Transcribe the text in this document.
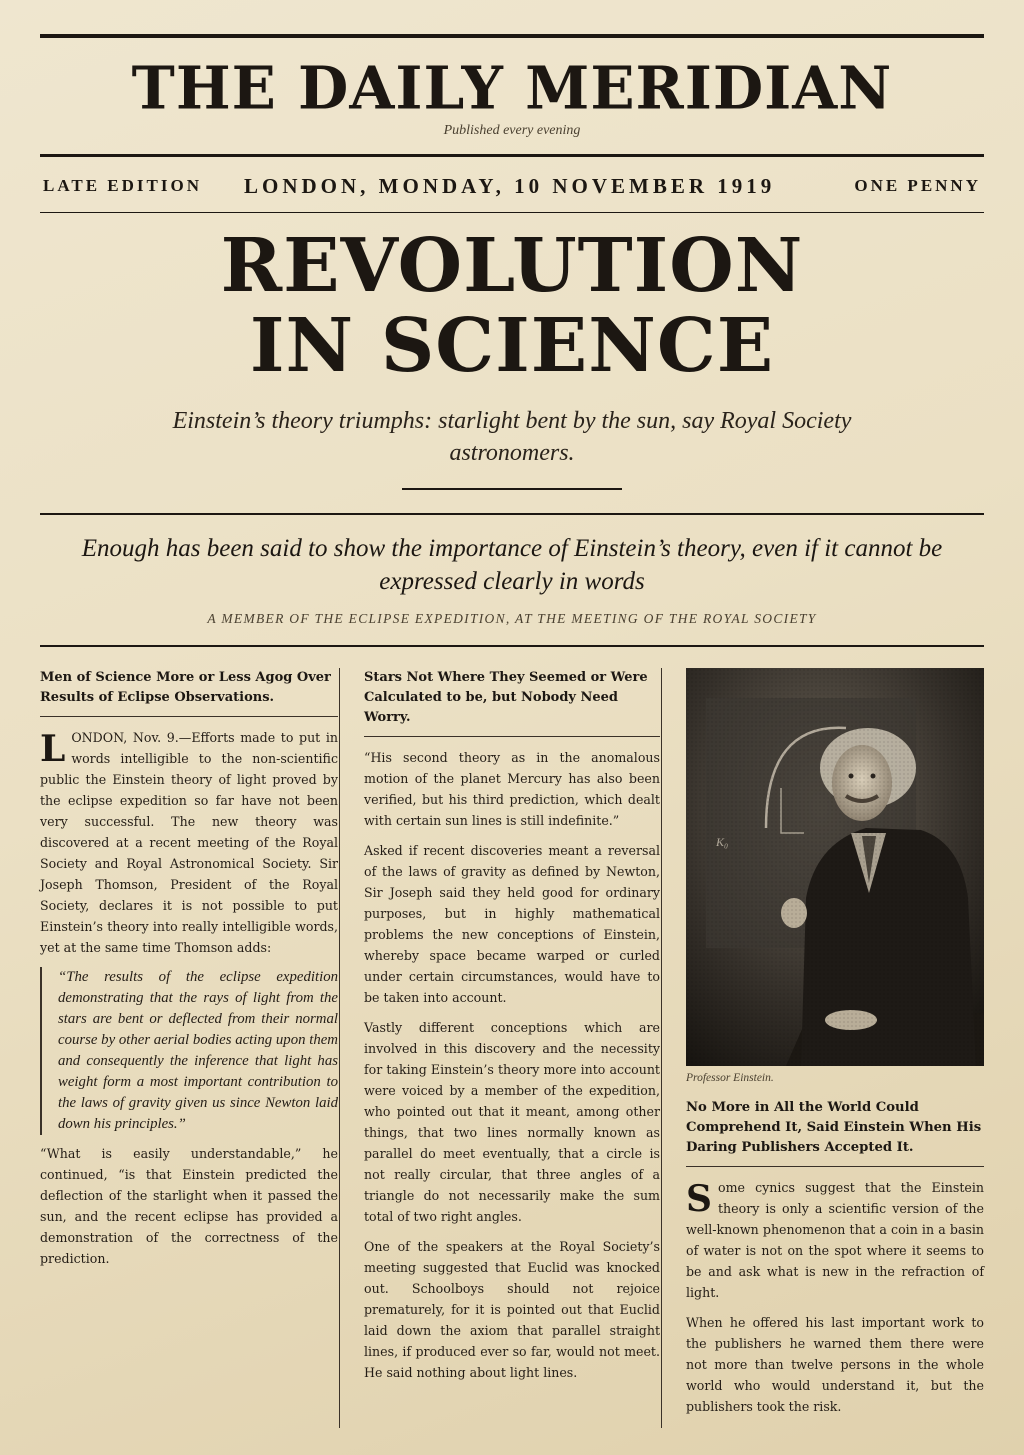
THE DAILY MERIDIAN
Published every evening
LATE EDITION LONDON, MONDAY, 10 NOVEMBER 1919	ONE PENNY
REVOLUTION
IN SCIENCE
Einstein’s theory triumphs: starlight bent by the sun, say Royal Society astronomers.
Enough has been said to show the importance of Einstein’s theory, even if it cannot be expressed clearly in words
A MEMBER OF THE ECLIPSE EXPEDITION, AT THE MEETING OF THE ROYAL SOCIETY

Men of Science More or Less Agog Over Results of Eclipse Observations.

LONDON, Nov. 9.—Efforts made to put in words intelligible to the non-scientific public the Einstein theory of light proved by the eclipse expedition so far have not been very successful. The new theory was discovered at a recent meeting of the Royal Society and Royal Astronomical Society. Sir Joseph Thomson, President of the Royal Society, declares it is not possible to put Einstein’s theory into really intelligible words, yet at the same time Thomson adds:

“The results of the eclipse expedition demonstrating that the rays of light from the stars are bent or deflected from their normal course by other aerial bodies acting upon them and consequently the inference that light has weight form a most important contribution to the laws of gravity given us since Newton laid down his principles.”

“What is easily understandable,” he continued, “is that Einstein predicted the deflection of the starlight when it passed the sun, and the recent eclipse has provided a demonstration of the correctness of the prediction.

Stars Not Where They Seemed or Were Calculated to be, but Nobody Need Worry.

“His second theory as in the anomalous motion of the planet Mercury has also been verified, but his third prediction, which dealt with certain sun lines is still indefinite.”

Asked if recent discoveries meant a reversal of the laws of gravity as defined by Newton, Sir Joseph said they held good for ordinary purposes, but in highly mathematical problems the new conceptions of Einstein, whereby space became warped or curled under certain circumstances, would have to be taken into account.

Vastly different conceptions which are involved in this discovery and the necessity for taking Einstein’s theory more into account were voiced by a member of the expedition, who pointed out that it meant, among other things, that two lines normally known as parallel do meet eventually, that a circle is not really circular, that three angles of a triangle do not necessarily make the sum total of two right angles.

One of the speakers at the Royal Society’s meeting suggested that Euclid was knocked out. Schoolboys should not rejoice prematurely, for it is pointed out that Euclid laid down the axiom that parallel straight lines, if produced ever so far, would not meet. He said nothing about light lines.

Professor Einstein.

No More in All the World Could Comprehend It, Said Einstein When His Daring Publishers Accepted It.

Some cynics suggest that the Einstein theory is only a scientific version of the well-known phenomenon that a coin in a basin of water is not on the spot where it seems to be and ask what is new in the refraction of light.

When he offered his last important work to the publishers he warned them there were not more than twelve persons in the whole world who would understand it, but the publishers took the risk.
